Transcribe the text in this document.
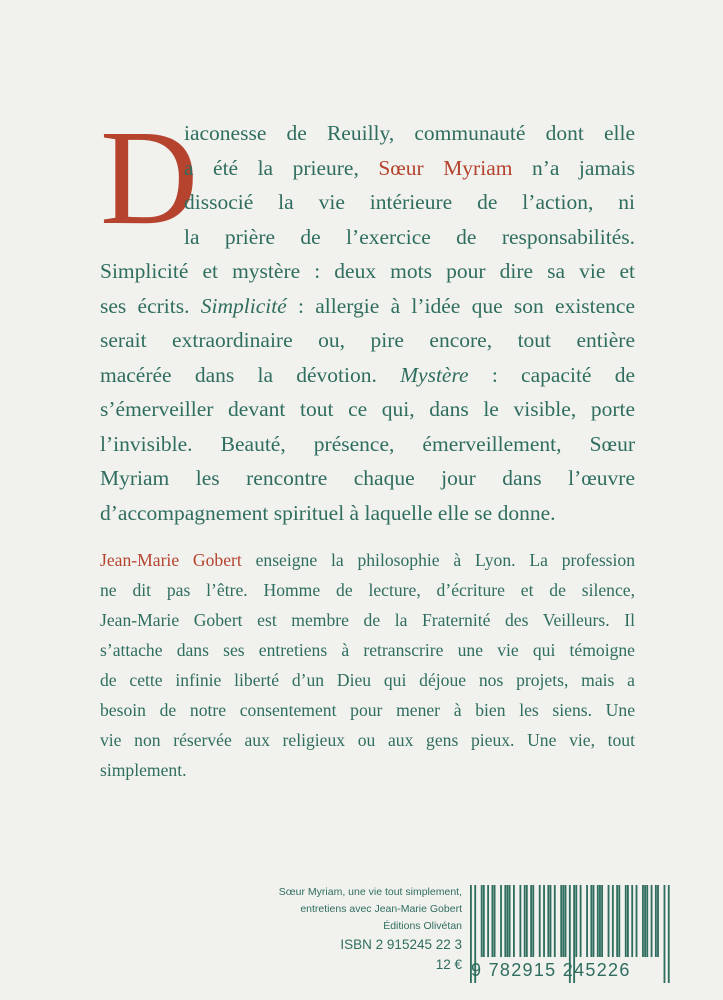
D
iaconesse de Reuilly, communauté dont elle
a été la prieure, Sœur Myriam n’a jamais
dissocié la vie intérieure de l’action, ni
la prière de l’exercice de responsabilités.
Simplicité et mystère : deux mots pour dire sa vie et
ses écrits. Simplicité : allergie à l’idée que son existence
serait extraordinaire ou, pire encore, tout entière
macérée dans la dévotion. Mystère : capacité de
s’émerveiller devant tout ce qui, dans le visible, porte
l’invisible. Beauté, présence, émerveillement, Sœur
Myriam les rencontre chaque jour dans l’œuvre
d’accompagnement spirituel à laquelle elle se donne.
Jean-Marie Gobert enseigne la philosophie à Lyon. La profession
ne dit pas l’être. Homme de lecture, d’écriture et de silence,
Jean-Marie Gobert est membre de la Fraternité des Veilleurs. Il
s’attache dans ses entretiens à retranscrire une vie qui témoigne
de cette infinie liberté d’un Dieu qui déjoue nos projets, mais a
besoin de notre consentement pour mener à bien les siens. Une
vie non réservée aux religieux ou aux gens pieux. Une vie, tout
simplement.
Sœur Myriam, une vie tout simplement,
entretiens avec Jean-Marie Gobert
Éditions Olivétan
ISBN 2 915245 22 3
12 € 9 782915 245226
